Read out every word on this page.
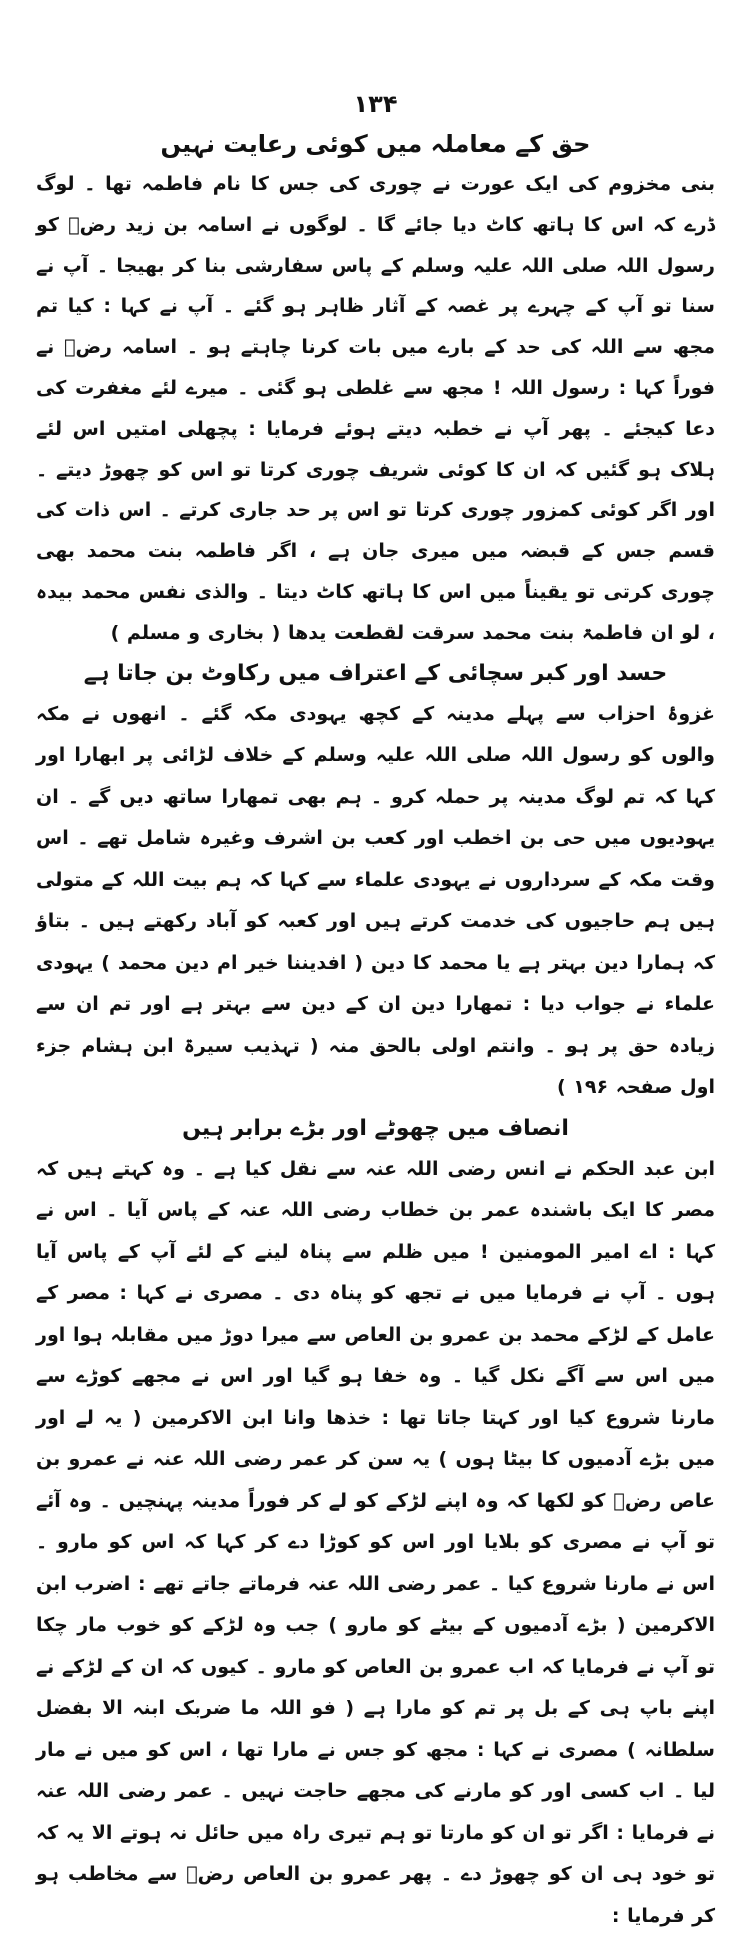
۱۳۴
حق کے معاملہ میں کوئی رعایت نہیں

بنی مخزوم کی ایک عورت نے چوری کی جس کا نام فاطمہ تھا ۔ لوگ ڈرے کہ اس کا ہاتھ کاٹ دیا جائے گا ۔ لوگوں نے اسامہ بن زید رضؓ کو رسول اللہ صلی اللہ علیہ وسلم کے پاس سفارشی بنا کر بھیجا ۔ آپ نے سنا تو آپ کے چہرے پر غصہ کے آثار ظاہر ہو گئے ۔ آپ نے کہا : کیا تم مجھ سے اللہ کی حد کے بارے میں بات کرنا چاہتے ہو ۔ اسامہ رضؓ نے فوراً کہا : رسول اللہ ! مجھ سے غلطی ہو گئی ۔ میرے لئے مغفرت کی دعا کیجئے ۔ پھر آپ نے خطبہ دیتے ہوئے فرمایا : پچھلی امتیں اس لئے ہلاک ہو گئیں کہ ان کا کوئی شریف چوری کرتا تو اس کو چھوڑ دیتے ۔ اور اگر کوئی کمزور چوری کرتا تو اس پر حد جاری کرتے ۔ اس ذات کی قسم جس کے قبضہ میں میری جان ہے ، اگر فاطمہ بنت محمد بھی چوری کرتی تو یقیناً میں اس کا ہاتھ کاٹ دیتا ۔ والذی نفس محمد بیدہ ، لو ان فاطمۃ بنت محمد سرقت لقطعت یدھا ( بخاری و مسلم )

حسد اور کبر سچائی کے اعتراف میں رکاوٹ بن جاتا ہے

غزوۂ احزاب سے پہلے مدینہ کے کچھ یہودی مکہ گئے ۔ انھوں نے مکہ والوں کو رسول اللہ صلی اللہ علیہ وسلم کے خلاف لڑائی پر ابھارا اور کہا کہ تم لوگ مدینہ پر حملہ کرو ۔ ہم بھی تمھارا ساتھ دیں گے ۔ ان یہودیوں میں حی بن اخطب اور کعب بن اشرف وغیرہ شامل تھے ۔ اس وقت مکہ کے سرداروں نے یہودی علماء سے کہا کہ ہم بیت اللہ کے متولی ہیں ہم حاجیوں کی خدمت کرتے ہیں اور کعبہ کو آباد رکھتے ہیں ۔ بتاؤ کہ ہمارا دین بہتر ہے یا محمد کا دین ( افدیننا خیر ام دین محمد ) یہودی علماء نے جواب دیا : تمھارا دین ان کے دین سے بہتر ہے اور تم ان سے زیادہ حق پر ہو ۔ وانتم اولی بالحق منہ ( تہذیب سیرۃ ابن ہشام جزء اول صفحہ ۱۹۶ )

انصاف میں چھوٹے اور بڑے برابر ہیں

ابن عبد الحکم نے انس رضی اللہ عنہ سے نقل کیا ہے ۔ وہ کہتے ہیں کہ مصر کا ایک باشندہ عمر بن خطاب رضی اللہ عنہ کے پاس آیا ۔ اس نے کہا : اے امیر المومنین ! میں ظلم سے پناہ لینے کے لئے آپ کے پاس آیا ہوں ۔ آپ نے فرمایا میں نے تجھ کو پناہ دی ۔ مصری نے کہا : مصر کے عامل کے لڑکے محمد بن عمرو بن العاص سے میرا دوڑ میں مقابلہ ہوا اور میں اس سے آگے نکل گیا ۔ وہ خفا ہو گیا اور اس نے مجھے کوڑے سے مارنا شروع کیا اور کہتا جاتا تھا : خذھا وانا ابن الاکرمین ( یہ لے اور میں بڑے آدمیوں کا بیٹا ہوں ) یہ سن کر عمر رضی اللہ عنہ نے عمرو بن عاص رضؓ کو لکھا کہ وہ اپنے لڑکے کو لے کر فوراً مدینہ پہنچیں ۔ وہ آئے تو آپ نے مصری کو بلایا اور اس کو کوڑا دے کر کہا کہ اس کو مارو ۔ اس نے مارنا شروع کیا ۔ عمر رضی اللہ عنہ فرماتے جاتے تھے : اضرب ابن الاکرمین ( بڑے آدمیوں کے بیٹے کو مارو ) جب وہ لڑکے کو خوب مار چکا تو آپ نے فرمایا کہ اب عمرو بن العاص کو مارو ۔ کیوں کہ ان کے لڑکے نے اپنے باپ ہی کے بل پر تم کو مارا ہے ( فو اللہ ما ضربک ابنہ الا بفضل سلطانہ ) مصری نے کہا : مجھ کو جس نے مارا تھا ، اس کو میں نے مار لیا ۔ اب کسی اور کو مارنے کی مجھے حاجت نہیں ۔ عمر رضی اللہ عنہ نے فرمایا : اگر تو ان کو مارتا تو ہم تیری راہ میں حائل نہ ہوتے الا یہ کہ تو خود ہی ان کو چھوڑ دے ۔ پھر عمرو بن العاص رضؓ سے مخاطب ہو کر فرمایا :
